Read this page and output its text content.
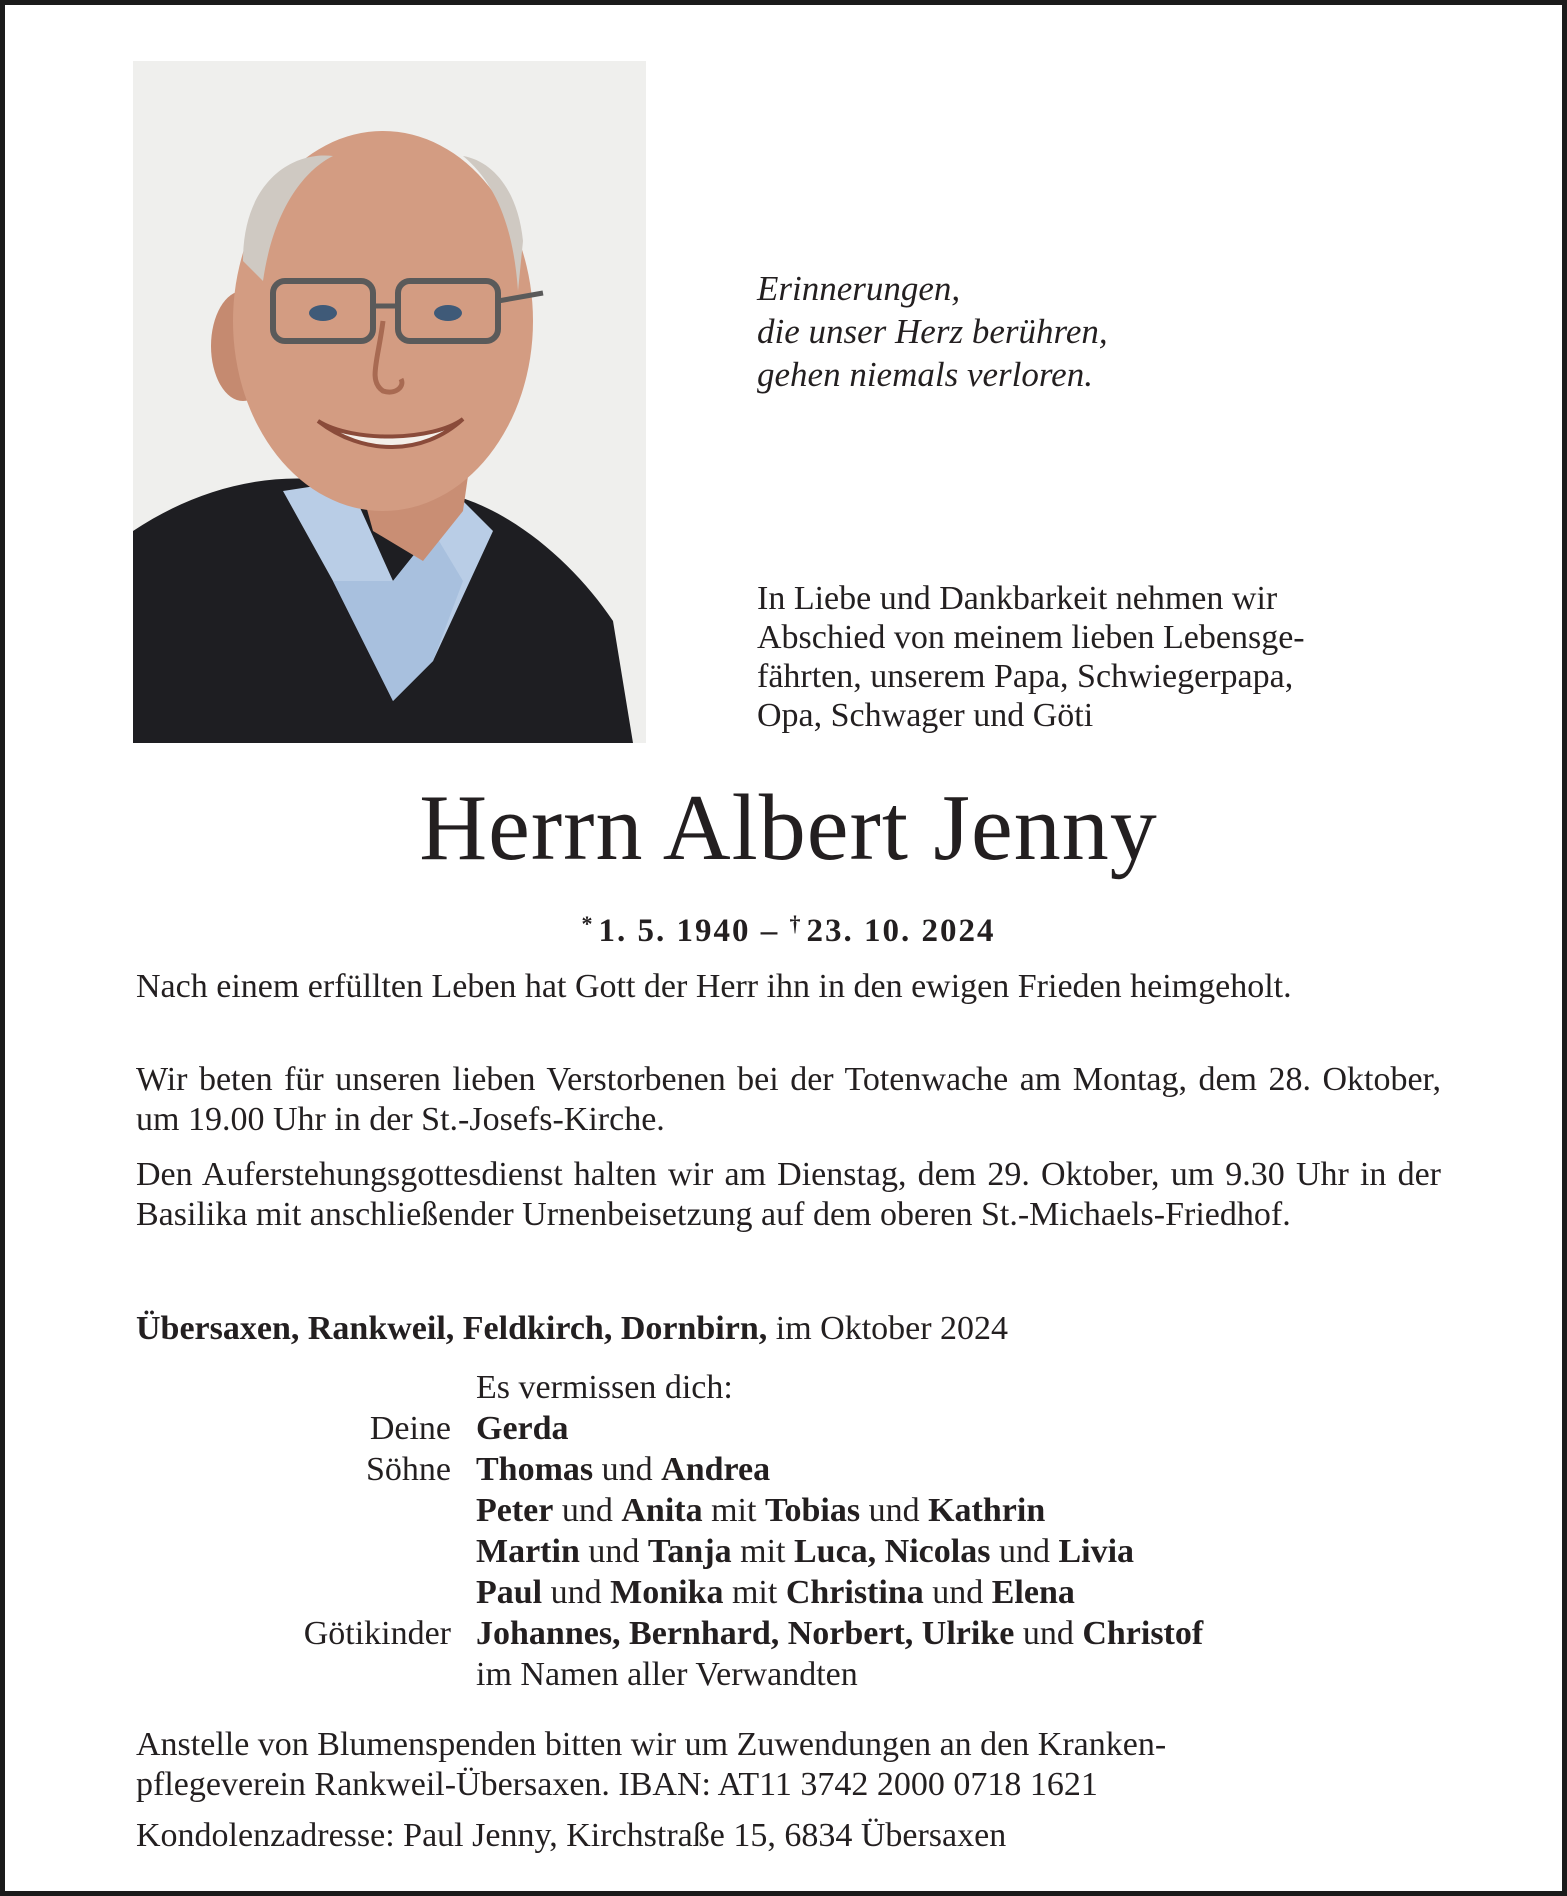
Erinnerungen,
die unser Herz berühren,
gehen niemals verloren.
In Liebe und Dankbarkeit nehmen wir
Abschied von meinem lieben Lebensge-
fährten, unserem Papa, Schwiegerpapa,
Opa, Schwager und Göti
Herrn Albert Jenny
* 1. 5. 1940 – † 23. 10. 2024

Nach einem erfüllten Leben hat Gott der Herr ihn in den ewigen Frieden heimgeholt.

Wir beten für unseren lieben Verstorbenen bei der Totenwache am Montag, dem 28. Oktober, um 19.00 Uhr in der St.-Josefs-Kirche.

Den Auferstehungsgottesdienst halten wir am Dienstag, dem 29. Oktober, um 9.30 Uhr in der Basilika mit anschließender Urnenbeisetzung auf dem oberen St.-Michaels-Friedhof.

Übersaxen, Rankweil, Feldkirch, Dornbirn, im Oktober 2024
Es vermissen dich:
Deine Gerda
Söhne Thomas und Andrea
Peter und Anita mit Tobias und Kathrin
Martin und Tanja mit Luca, Nicolas und Livia
Paul und Monika mit Christina und Elena
Götikinder Johannes, Bernhard, Norbert, Ulrike und Christof
im Namen aller Verwandten
Anstelle von Blumenspenden bitten wir um Zuwendungen an den Kranken-
pflegeverein Rankweil-Übersaxen. IBAN: AT11 3742 2000 0718 1621
Kondolenzadresse: Paul Jenny, Kirchstraße 15, 6834 Übersaxen
